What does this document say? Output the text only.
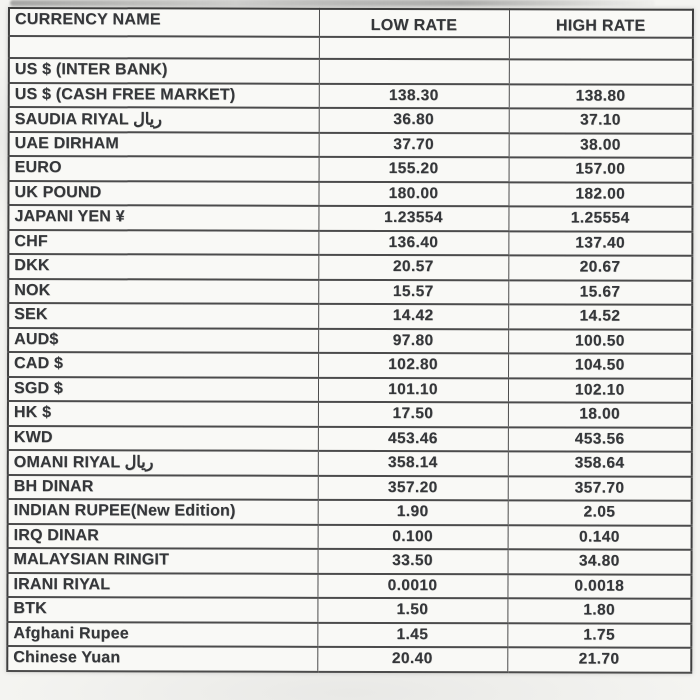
CURRENCY NAME	LOW RATE	HIGH RATE

US $ (INTER BANK)		
US $ (CASH FREE MARKET)	138.30	138.80
SAUDIA RIYAL ريال	36.80	37.10
UAE DIRHAM	37.70	38.00
EURO	155.20	157.00
UK POUND	180.00	182.00
JAPANI YEN ¥	1.23554	1.25554
CHF	136.40	137.40
DKK	20.57	20.67
NOK	15.57	15.67
SEK	14.42	14.52
AUD$	97.80	100.50
CAD $	102.80	104.50
SGD $	101.10	102.10
HK $	17.50	18.00
KWD	453.46	453.56
OMANI RIYAL ريال	358.14	358.64
BH DINAR	357.20	357.70
INDIAN RUPEE(New Edition)	1.90	2.05
IRQ DINAR	0.100	0.140
MALAYSIAN RINGIT	33.50	34.80
IRANI RIYAL	0.0010	0.0018
BTK	1.50	1.80
Afghani Rupee	1.45	1.75
Chinese Yuan	20.40	21.70
